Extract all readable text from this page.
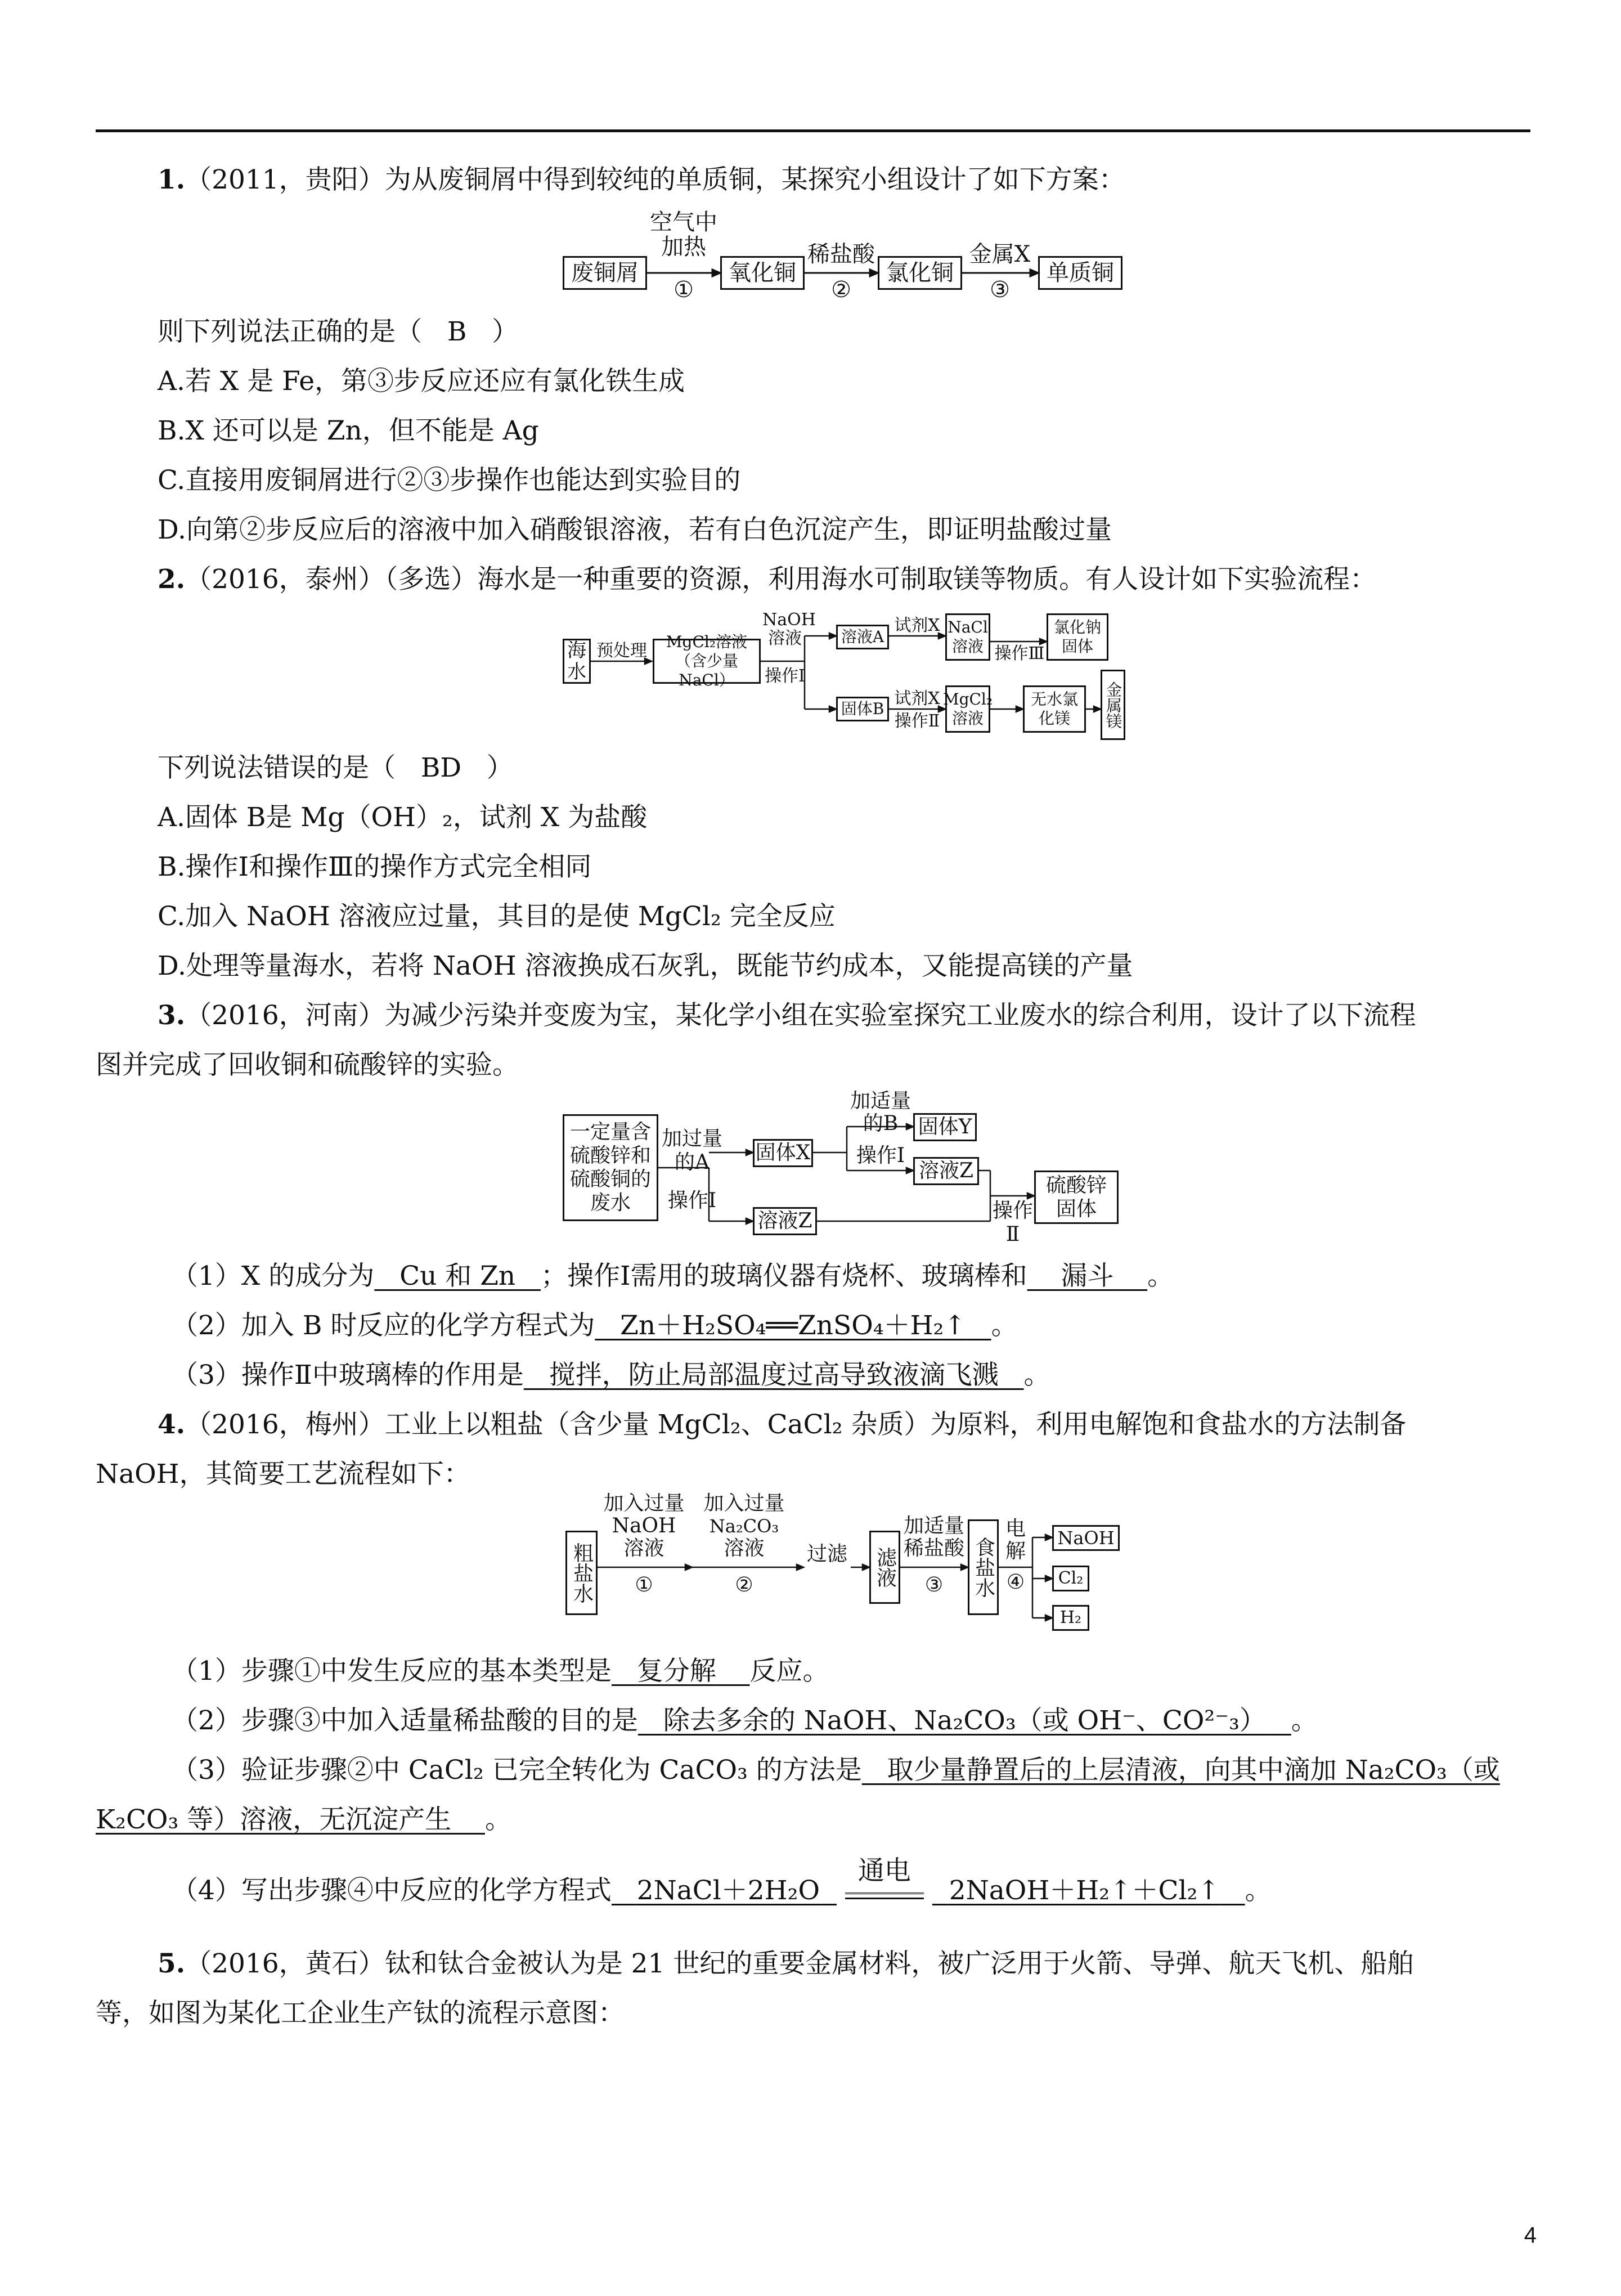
1.（2011，贵阳）为从废铜屑中得到较纯的单质铜，某探究小组设计了如下方案：
废铜屑	氧化铜	氯化铜	单质铜
空气中
加热
①
稀盐酸
②
金属X
③
则下列说法正确的是（ B ）
A.若 X 是 Fe，第③步反应还应有氯化铁生成
B.X 还可以是 Zn，但不能是 Ag
C.直接用废铜屑进行②③步操作也能达到实验目的
D.向第②步反应后的溶液中加入硝酸银溶液，若有白色沉淀产生，即证明盐酸过量
2.（2016，泰州）（多选）海水是一种重要的资源，利用海水可制取镁等物质。有人设计如下实验流程：
海水
预处理 MgCl₂溶液
（含少量NaCl）
NaOH
溶液
操作Ⅰ
溶液A
试剂X NaCl
溶液 操作Ⅲ
氯化钠
固体
固体B
试剂X
操作Ⅱ
MgCl₂
溶液
无水氯
化镁 金属镁
下列说法错误的是（ BD ）
A.固体 B是 Mg（OH）₂，试剂 X 为盐酸
B.操作Ⅰ和操作Ⅲ的操作方式完全相同
C.加入 NaOH 溶液应过量，其目的是使 MgCl₂ 完全反应
D.处理等量海水，若将 NaOH 溶液换成石灰乳，既能节约成本，又能提高镁的产量
3.（2016，河南）为减少污染并变废为宝，某化学小组在实验室探究工业废水的综合利用，设计了以下流程
图并完成了回收铜和硫酸锌的实验。
一定量含
硫酸锌和
硫酸铜的
废水
加过量
的A
操作Ⅰ
固体X
溶液Z
加适量
的B
操作Ⅰ
固体Y
溶液Z
操作
Ⅱ
硫酸锌
固体
（1）X 的成分为 Cu 和 Zn ；操作Ⅰ需用的玻璃仪器有烧杯、玻璃棒和 漏斗 。
（2）加入 B 时反应的化学方程式为 Zn＋H₂SO₄══ZnSO₄＋H₂↑ 。
（3）操作Ⅱ中玻璃棒的作用是 搅拌，防止局部温度过高导致液滴飞溅 。
4.（2016，梅州）工业上以粗盐（含少量 MgCl₂、CaCl₂ 杂质）为原料，利用电解饱和食盐水的方法制备
NaOH，其简要工艺流程如下：
粗盐水
加入过量
NaOH
溶液
①
加入过量
Na₂CO₃
溶液
②
过滤 滤液
加适量
稀盐酸
③	食盐水
电
解
④
NaOH
Cl₂
H₂
（1）步骤①中发生反应的基本类型是 复分解 反应。
（2）步骤③中加入适量稀盐酸的目的是 除去多余的 NaOH、Na₂CO₃（或 OH⁻、CO²⁻₃） 。
（3）验证步骤②中 CaCl₂ 已完全转化为 CaCO₃ 的方法是 取少量静置后的上层清液，向其中滴加 Na₂CO₃（或
K₂CO₃ 等）溶液，无沉淀产生 。
（4）写出步骤④中反应的化学方程式 2NaCl＋2H₂O
通电
2NaOH＋H₂↑＋Cl₂↑ 。
5.（2016，黄石）钛和钛合金被认为是 21 世纪的重要金属材料，被广泛用于火箭、导弹、航天飞机、船舶
等，如图为某化工企业生产钛的流程示意图：
4
